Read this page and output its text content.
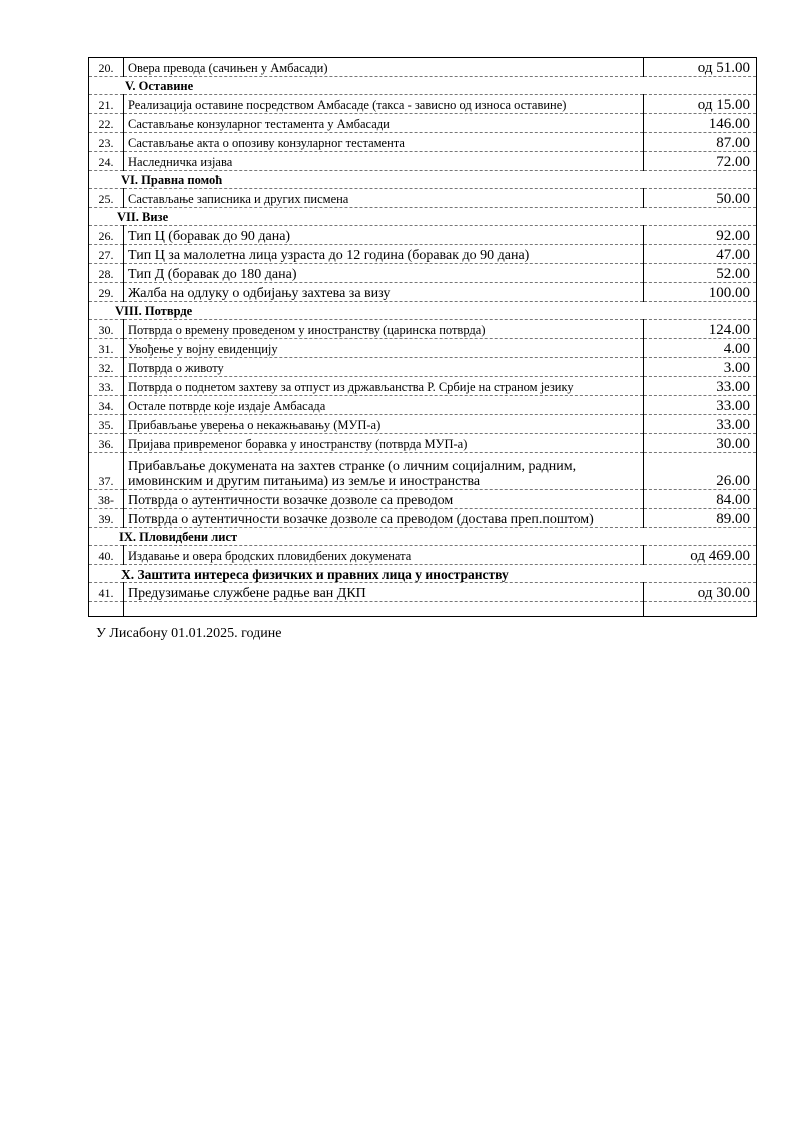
20.	Овера превода (сачињен у Амбасади)	од 51.00
V. Оставине		
21.	Реализација оставине посредством Амбасаде (такса - зависно од износа оставине)	од 15.00
22.	Састављање конзуларног тестамента у Амбасади	146.00
23.	Састављање акта о опозиву конзуларног тестамента	87.00
24.	Наследничка изјава	72.00
VI. Правна помоћ		
25.	Састављање записника и других писмена	50.00
VII. Визе		
26.	Тип Ц (боравак до 90 дана)	92.00
27.	Тип Ц за малолетна лица узраста до 12 година (боравак до 90 дана)	47.00
28.	Тип Д (боравак до 180 дана)	52.00
29.	Жалба на одлуку о одбијању захтева за визу	100.00
VIII. Потврде		
30.	Потврда о времену проведеном у иностранству (царинска потврда)	124.00
31.	Увођење у војну евиденцију	4.00
32.	Потврда о животу	3.00
33.	Потврда о поднетом захтеву за отпуст из држављанства Р. Србије на страном језику	33.00
34.	Остале потврде које издаје Амбасада	33.00
35.	Прибављање уверења о некажњавању (МУП-а)	33.00
36.	Пријава привременог боравка у иностранству (потврда МУП-а)	30.00
37.	Прибављање докумената на захтев странке (о личним социјалним, радним, имовинским и другим питањима) из земље и иностранства	26.00
38-	Потврда о аутентичности возачке дозволе са преводом	84.00
39.	Потврда о аутентичности возачке дозволе са преводом (достава преп.поштом)	89.00
IX. Пловидбени лист		
40.	Издавање и овера бродских пловидбених докумената	од 469.00
X. Заштита интереса физичких и правних лица у иностранству		
41.	Предузимање службене радње ван ДКП	од 30.00

У Лисабону 01.01.2025. године
